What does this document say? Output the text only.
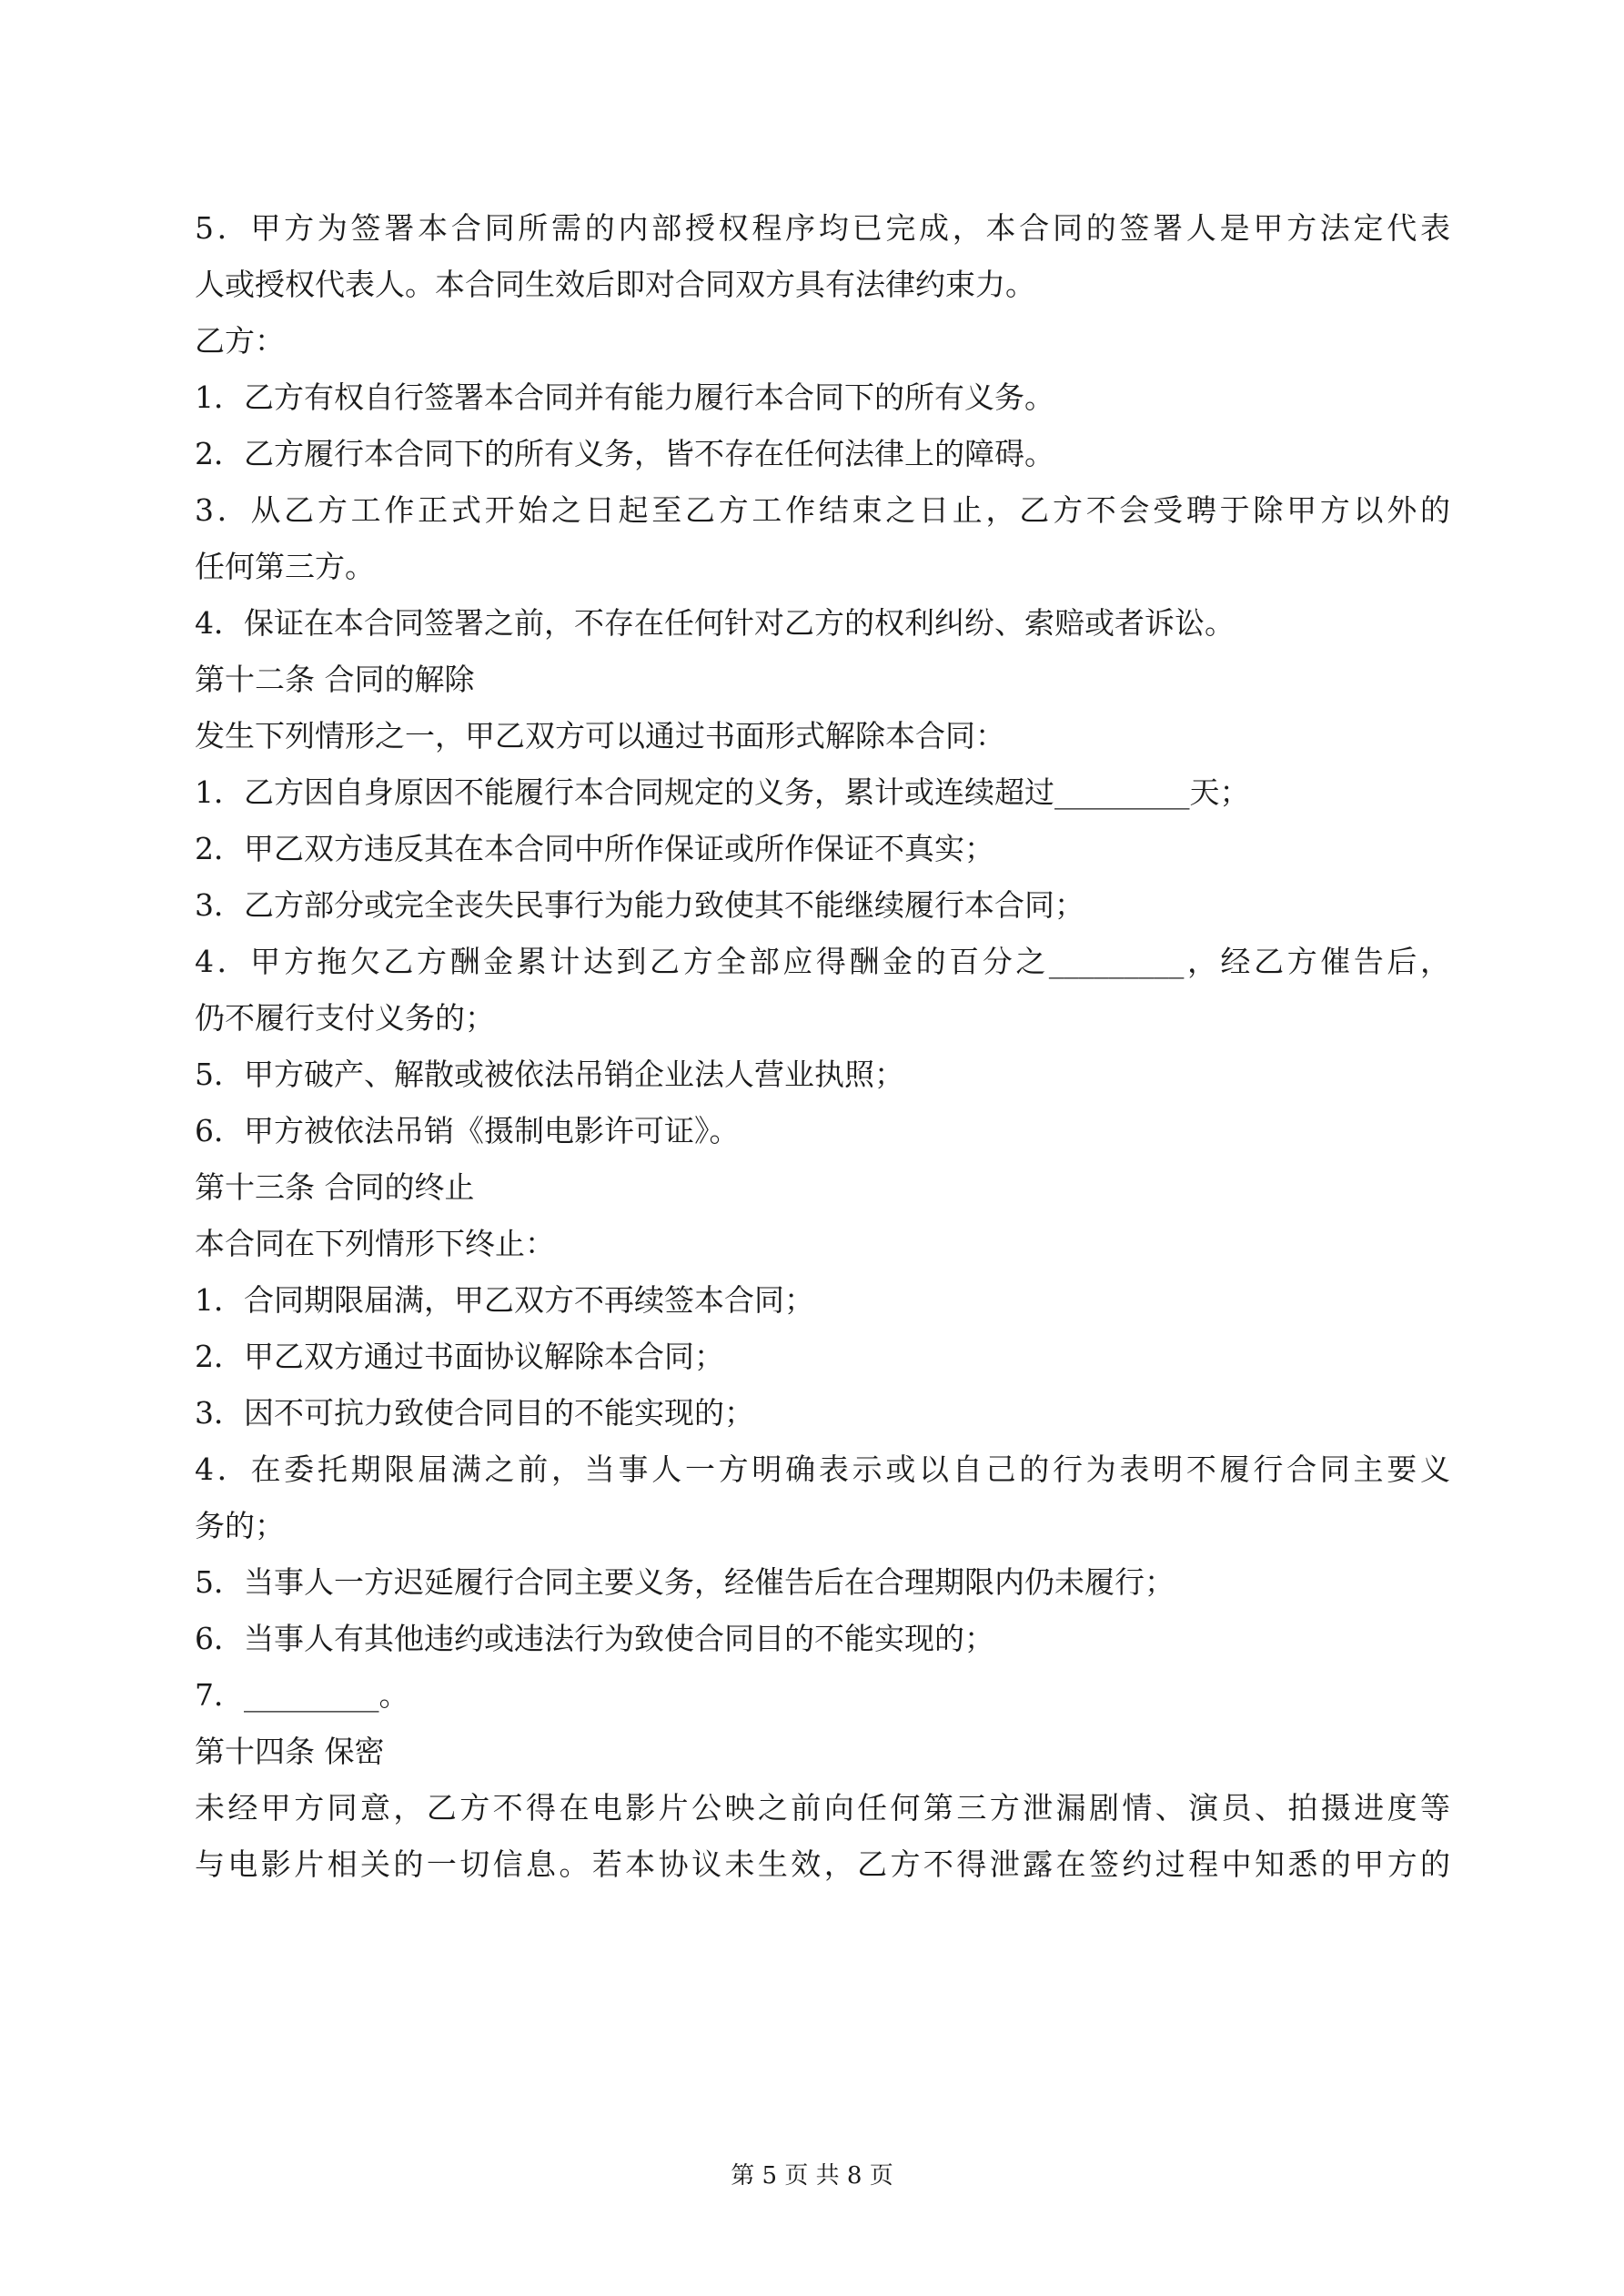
5．甲方为签署本合同所需的内部授权程序均已完成，本合同的签署人是甲方法定代表
人或授权代表人。本合同生效后即对合同双方具有法律约束力。
乙方：
1．乙方有权自行签署本合同并有能力履行本合同下的所有义务。
2．乙方履行本合同下的所有义务，皆不存在任何法律上的障碍。
3．从乙方工作正式开始之日起至乙方工作结束之日止，乙方不会受聘于除甲方以外的
任何第三方。
4．保证在本合同签署之前，不存在任何针对乙方的权利纠纷、索赔或者诉讼。
第十二条 合同的解除
发生下列情形之一，甲乙双方可以通过书面形式解除本合同：
1．乙方因自身原因不能履行本合同规定的义务，累计或连续超过_________天；
2．甲乙双方违反其在本合同中所作保证或所作保证不真实；
3．乙方部分或完全丧失民事行为能力致使其不能继续履行本合同；
4．甲方拖欠乙方酬金累计达到乙方全部应得酬金的百分之_________，经乙方催告后，
仍不履行支付义务的；
5．甲方破产、解散或被依法吊销企业法人营业执照；
6．甲方被依法吊销《摄制电影许可证》。
第十三条 合同的终止
本合同在下列情形下终止：
1．合同期限届满，甲乙双方不再续签本合同；
2．甲乙双方通过书面协议解除本合同；
3．因不可抗力致使合同目的不能实现的；
4．在委托期限届满之前，当事人一方明确表示或以自己的行为表明不履行合同主要义
务的；
5．当事人一方迟延履行合同主要义务，经催告后在合理期限内仍未履行；
6．当事人有其他违约或违法行为致使合同目的不能实现的；
7．_________。
第十四条 保密
未经甲方同意，乙方不得在电影片公映之前向任何第三方泄漏剧情、演员、拍摄进度等
与电影片相关的一切信息。若本协议未生效，乙方不得泄露在签约过程中知悉的甲方的
第 5 页 共 8 页
